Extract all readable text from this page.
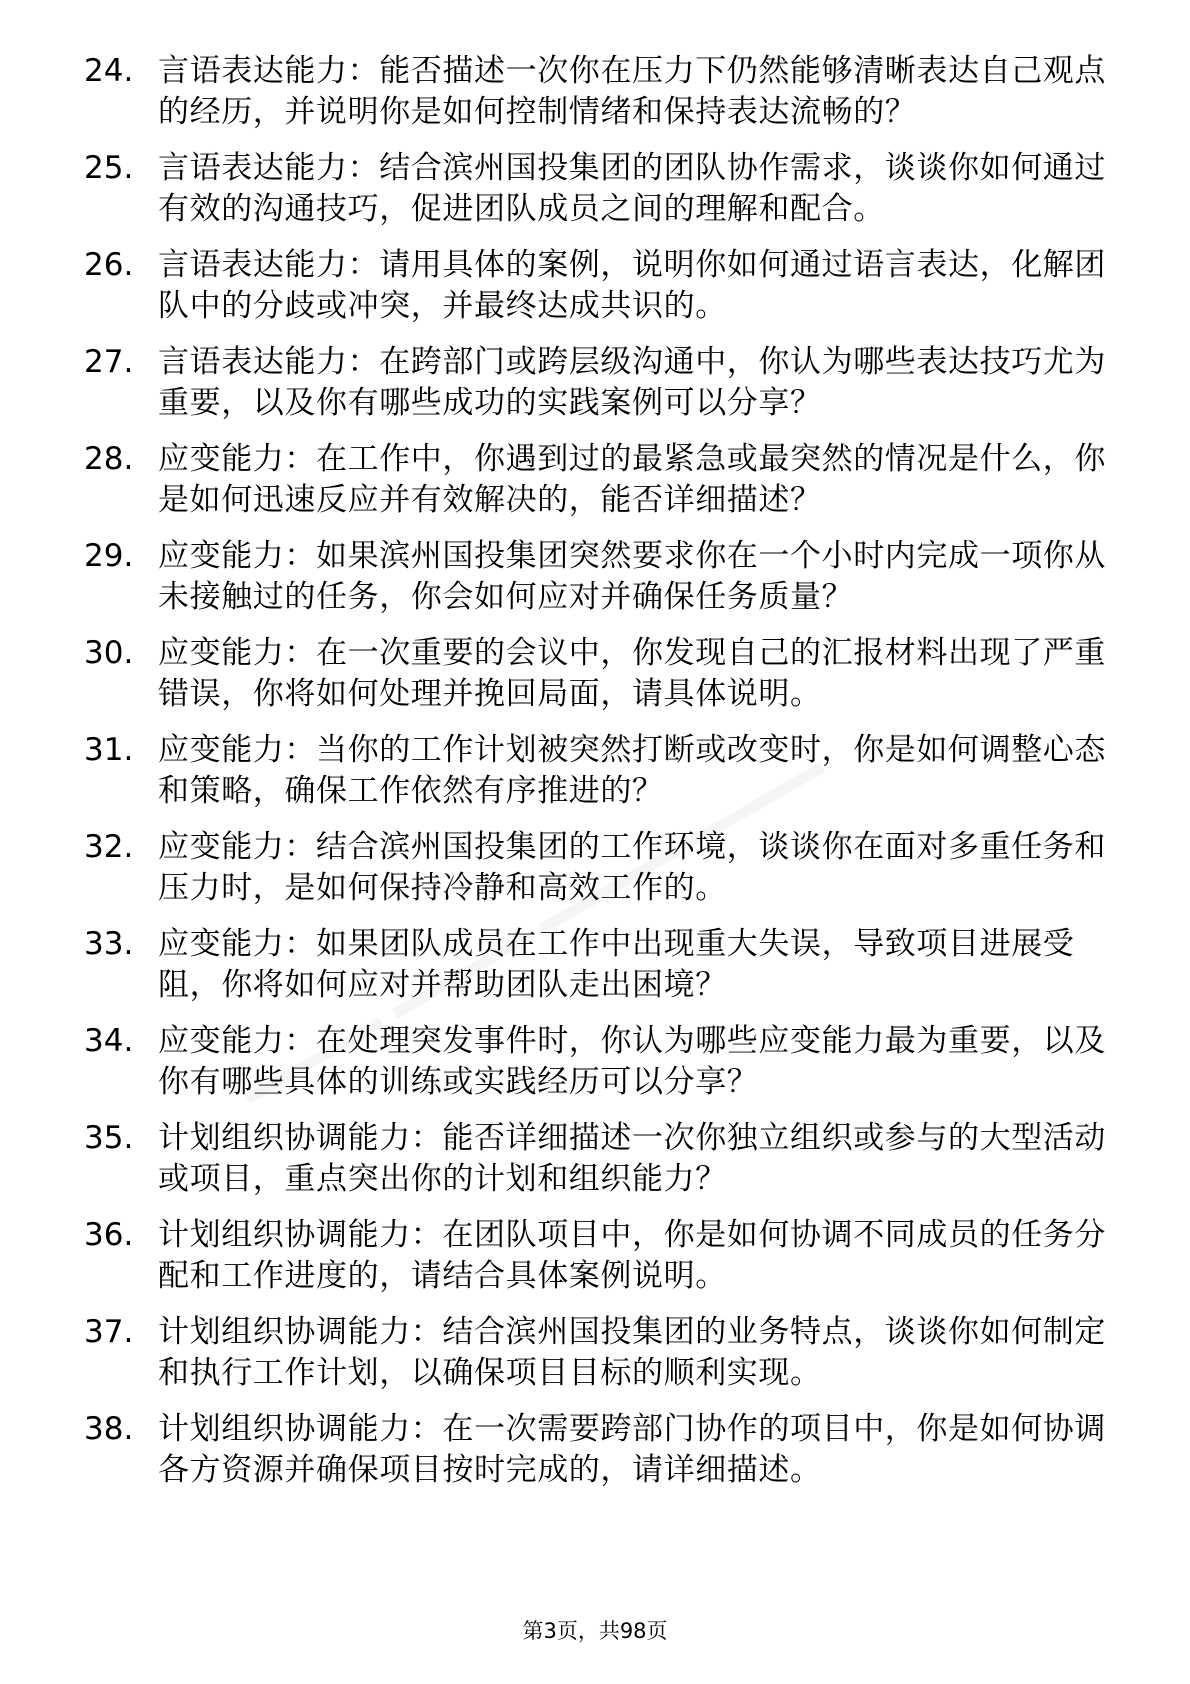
24. 言语表达能力：能否描述一次你在压力下仍然能够清晰表达自己观点的经历，并说明你是如何控制情绪和保持表达流畅的？
25. 言语表达能力：结合滨州国投集团的团队协作需求，谈谈你如何通过有效的沟通技巧，促进团队成员之间的理解和配合。
26. 言语表达能力：请用具体的案例，说明你如何通过语言表达，化解团队中的分歧或冲突，并最终达成共识的。
27. 言语表达能力：在跨部门或跨层级沟通中，你认为哪些表达技巧尤为重要，以及你有哪些成功的实践案例可以分享？
28. 应变能力：在工作中，你遇到过的最紧急或最突然的情况是什么，你是如何迅速反应并有效解决的，能否详细描述？
29. 应变能力：如果滨州国投集团突然要求你在一个小时内完成一项你从未接触过的任务，你会如何应对并确保任务质量？
30. 应变能力：在一次重要的会议中，你发现自己的汇报材料出现了严重错误，你将如何处理并挽回局面，请具体说明。
31. 应变能力：当你的工作计划被突然打断或改变时，你是如何调整心态和策略，确保工作依然有序推进的？
32. 应变能力：结合滨州国投集团的工作环境，谈谈你在面对多重任务和压力时，是如何保持冷静和高效工作的。
33. 应变能力：如果团队成员在工作中出现重大失误，导致项目进展受阻，你将如何应对并帮助团队走出困境？
34. 应变能力：在处理突发事件时，你认为哪些应变能力最为重要，以及你有哪些具体的训练或实践经历可以分享？
35. 计划组织协调能力：能否详细描述一次你独立组织或参与的大型活动或项目，重点突出你的计划和组织能力？
36. 计划组织协调能力：在团队项目中，你是如何协调不同成员的任务分配和工作进度的，请结合具体案例说明。
37. 计划组织协调能力：结合滨州国投集团的业务特点，谈谈你如何制定和执行工作计划，以确保项目目标的顺利实现。
38. 计划组织协调能力：在一次需要跨部门协作的项目中，你是如何协调各方资源并确保项目按时完成的，请详细描述。
第3页，共98页
